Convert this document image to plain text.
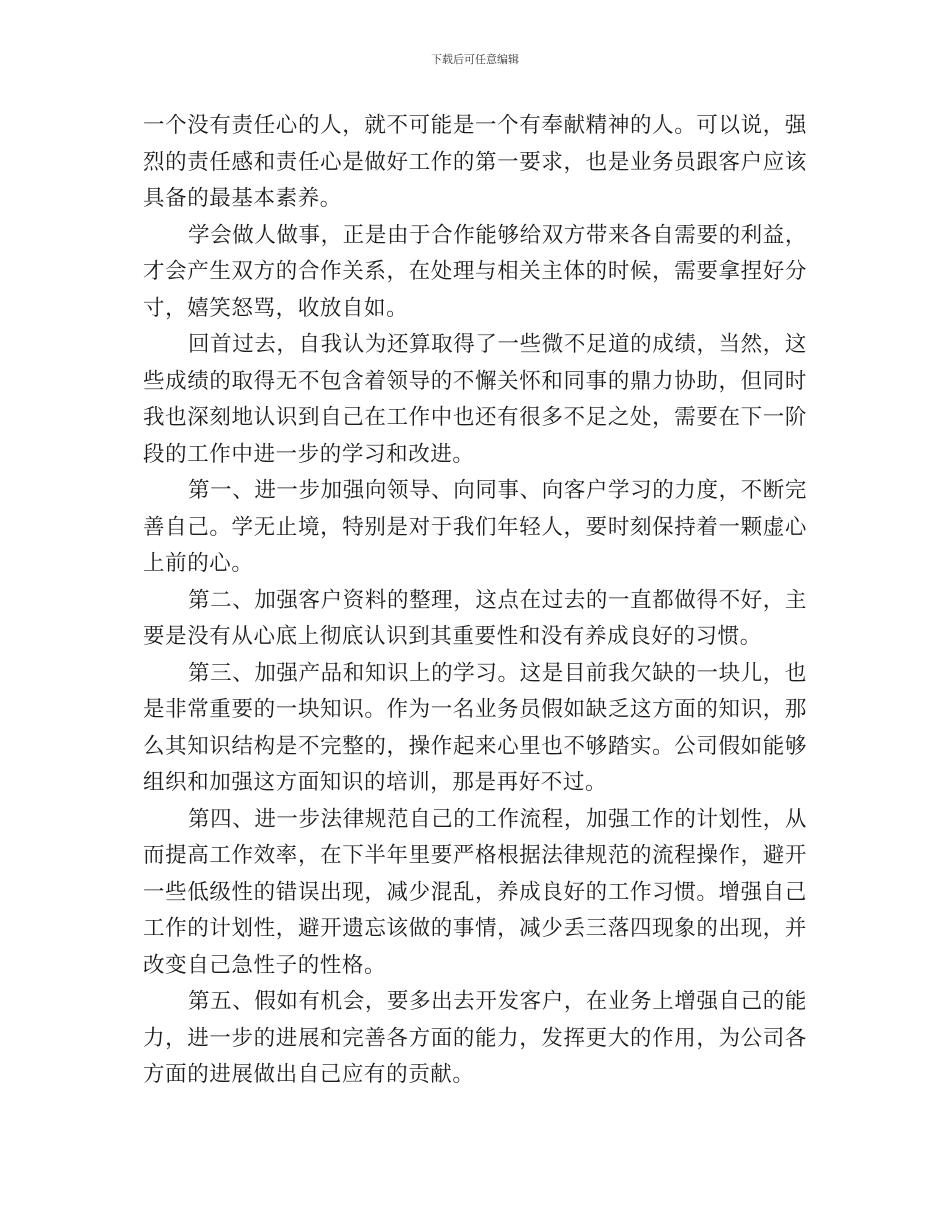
下载后可任意编辑

一个没有责任心的人，就不可能是一个有奉献精神的人。可以说，强烈的责任感和责任心是做好工作的第一要求，也是业务员跟客户应该具备的最基本素养。

学会做人做事，正是由于合作能够给双方带来各自需要的利益，才会产生双方的合作关系，在处理与相关主体的时候，需要拿捏好分寸，嬉笑怒骂，收放自如。

回首过去，自我认为还算取得了一些微不足道的成绩，当然，这些成绩的取得无不包含着领导的不懈关怀和同事的鼎力协助，但同时我也深刻地认识到自己在工作中也还有很多不足之处，需要在下一阶段的工作中进一步的学习和改进。

第一、进一步加强向领导、向同事、向客户学习的力度，不断完善自己。学无止境，特别是对于我们年轻人，要时刻保持着一颗虚心上前的心。

第二、加强客户资料的整理，这点在过去的一直都做得不好，主要是没有从心底上彻底认识到其重要性和没有养成良好的习惯。

第三、加强产品和知识上的学习。这是目前我欠缺的一块儿，也是非常重要的一块知识。作为一名业务员假如缺乏这方面的知识，那么其知识结构是不完整的，操作起来心里也不够踏实。公司假如能够组织和加强这方面知识的培训，那是再好不过。

第四、进一步法律规范自己的工作流程，加强工作的计划性，从而提高工作效率，在下半年里要严格根据法律规范的流程操作，避开一些低级性的错误出现，减少混乱，养成良好的工作习惯。增强自己工作的计划性，避开遗忘该做的事情，减少丢三落四现象的出现，并改变自己急性子的性格。

第五、假如有机会，要多出去开发客户，在业务上增强自己的能力，进一步的进展和完善各方面的能力，发挥更大的作用，为公司各方面的进展做出自己应有的贡献。
